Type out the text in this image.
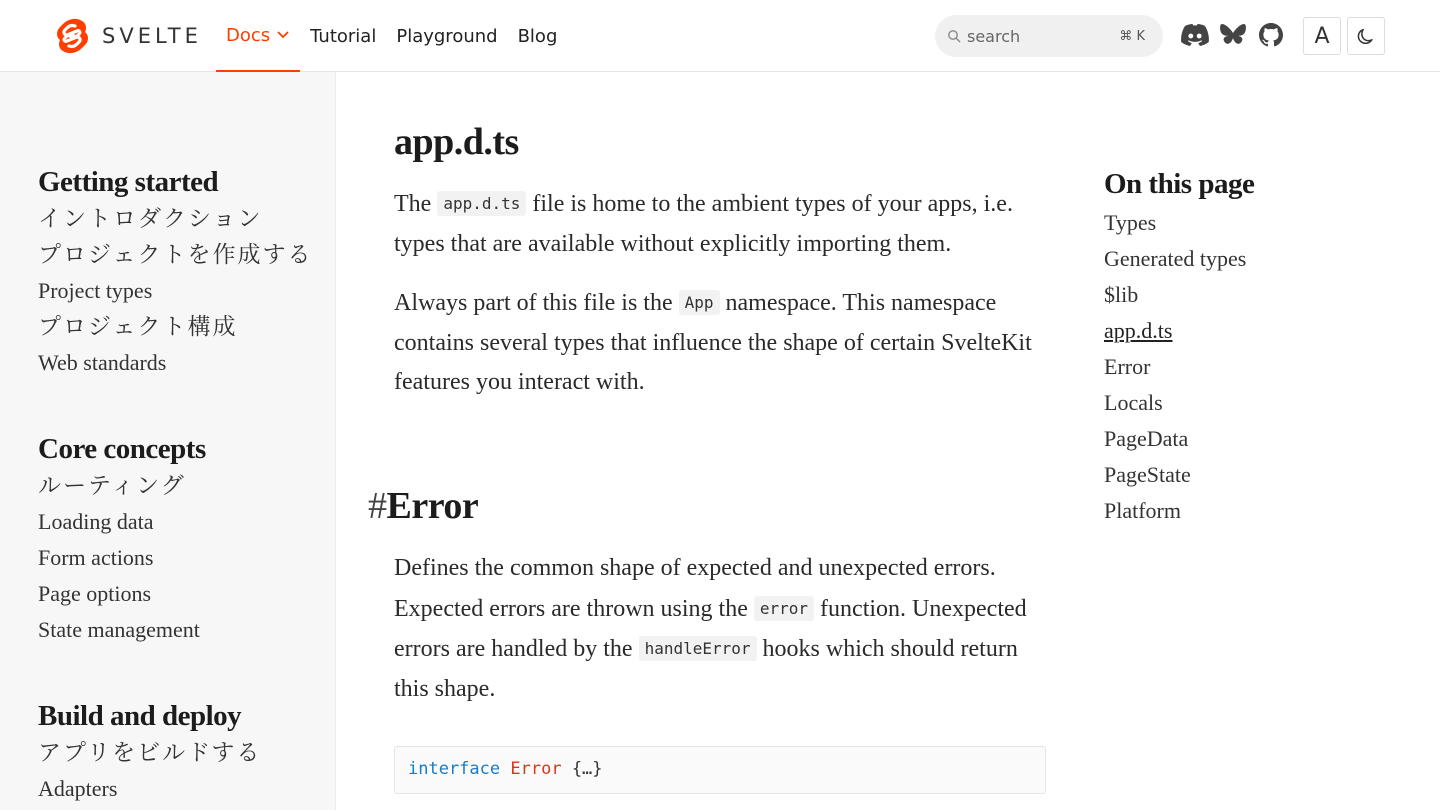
SVELTE Docs Tutorial Playground Blog
search	⌘ K	A
Getting started
イントロダクション
プロジェクトを作成する
Project types
プロジェクト構成
Web standards
Core concepts
ルーティング
Loading data
Form actions
Page options
State management
Build and deploy
アプリをビルドする
Adapters
app.d.ts

The app.d.ts file is home to the ambient types of your apps, i.e. types that are available without explicitly importing them.

Always part of this file is the App namespace. This namespace contains several types that influence the shape of certain SvelteKit features you interact with.

#Error

Defines the common shape of expected and unexpected errors. Expected errors are thrown using the error function. Unexpected errors are handled by the handleError hooks which should return this shape.

interface Error {…}
On this page
Types
Generated types
$lib
app.d.ts
Error
Locals
PageData
PageState
Platform
